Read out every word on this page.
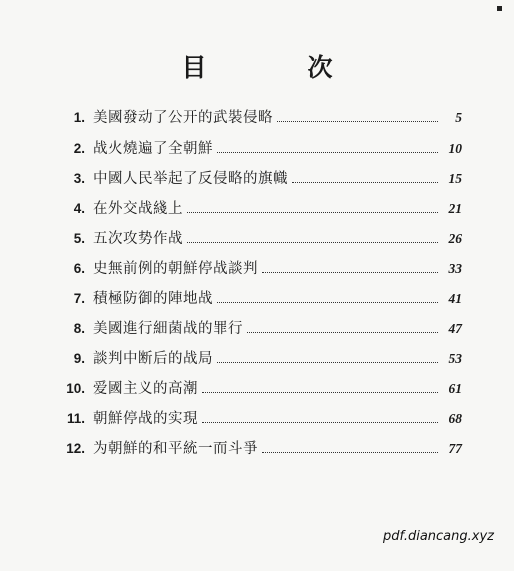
目　次
1. 美國發动了公开的武裝侵略	5
2. 战火燒遍了全朝鮮	10
3. 中國人民举起了反侵略的旗幟	15
4. 在外交战綫上	21
5. 五次攻势作战	26
6. 史無前例的朝鮮停战談判	33
7. 積極防御的陣地战	41
8. 美國進行細菌战的罪行	47
9. 談判中断后的战局	53
10. 爱國主义的高潮	61
11. 朝鮮停战的实現	68
12. 为朝鮮的和平統一而斗爭	77
pdf.diancang.xyz
